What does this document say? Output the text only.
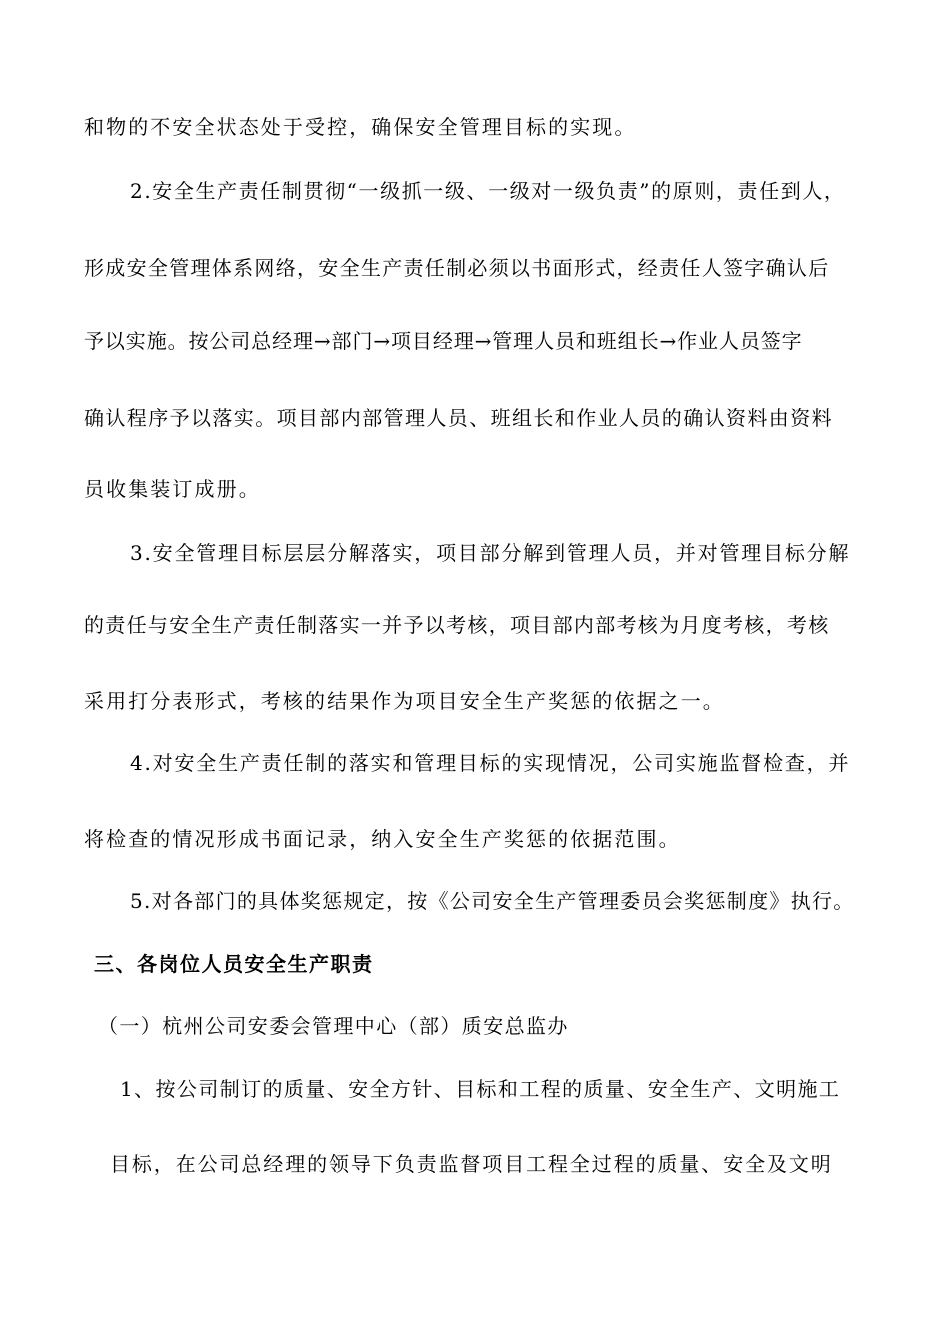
和物的不安全状态处于受控，确保安全管理目标的实现。
2.安全生产责任制贯彻“一级抓一级、一级对一级负责”的原则，责任到人，
形成安全管理体系网络，安全生产责任制必须以书面形式，经责任人签字确认后
予以实施。按公司总经理→部门→项目经理→管理人员和班组长→作业人员签字
确认程序予以落实。项目部内部管理人员、班组长和作业人员的确认资料由资料
员收集装订成册。
3.安全管理目标层层分解落实，项目部分解到管理人员，并对管理目标分解
的责任与安全生产责任制落实一并予以考核，项目部内部考核为月度考核，考核
采用打分表形式，考核的结果作为项目安全生产奖惩的依据之一。
4.对安全生产责任制的落实和管理目标的实现情况，公司实施监督检查，并
将检查的情况形成书面记录，纳入安全生产奖惩的依据范围。
5.对各部门的具体奖惩规定，按《公司安全生产管理委员会奖惩制度》执行。
三、各岗位人员安全生产职责
（一）杭州公司安委会管理中心（部）质安总监办
1、按公司制订的质量、安全方针、目标和工程的质量、安全生产、文明施工
目标，在公司总经理的领导下负责监督项目工程全过程的质量、安全及文明
